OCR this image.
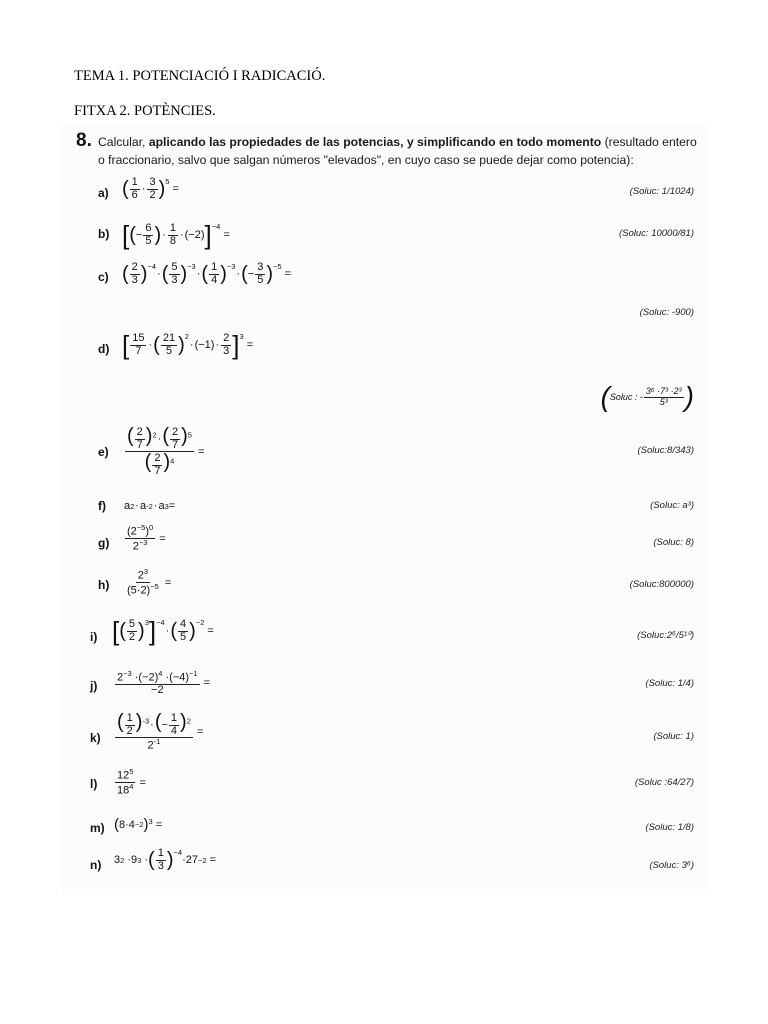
TEMA 1. POTENCIACIÓ I RADICACIÓ.
FITXA 2. POTÈNCIES.
8. Calcular, aplicando las propiedades de las potencias, y simplificando en todo momento (resultado entero o fraccionario, salvo que salgan números "elevados", en cuyo caso se puede dejar como potencia):
a) ( $\frac{1}{6} \cdot \frac{3}{2} )^5$
=	(Soluc: 1/1024)
b) [ ( − $\frac{6}{5}$ ) · $\frac{1}{8} \cdot (-2)$ ]$^{-4}$
=	(Soluc: 10000/81)
c) ( $\frac{2}{3} )^{-4}$
· ( $\frac{5}{3} )^{-3}$
· ( $\frac{1}{4} )^{-3}$
· ( − $\frac{3}{5} )^{-5}$
=
(Soluc: -900)
d) [ $\frac{15}{7}$ · ( $\frac{21}{5} )^2$
· $(-1) \cdot \frac{2}{3} ]^3$
=
( Soluc : - $\frac{\text{3⁶ ·7³ ·2³}}{\text{5³}}$ )
$e) \frac{( \frac{2}{7} )^2\cdot( \frac{2}{7} )^5}{( \frac{2}{7} )^4}$ =	(Soluc:8/343)
f) a 2 · a -2 · a 3 =	(Soluc: a³)
$g) \frac{(2^{-5})^0}{2^{-3}}$ =	(Soluc: 8)
$h) \frac{2^3}{(5\cdot 2)^{-5}}$ =	(Soluc:800000)
i) [ ( $\frac{5}{2} )^3$ ]$^{-4}$
· ( $\frac{4}{5} )^{-2}$
=	(Soluc:2⁶/5¹⁰)
$j) \frac{2^{-3} \cdot(-2)^4 \cdot(-4)^{-1}}{-2}$ =	(Soluc: 1/4)
$k) \frac{( \frac{1}{2} )^{-3}\cdot(- \frac{1}{4} )^2}{2^{-1}}$ =	(Soluc: 1)
$l) \frac{12^5}{18^4}$ =	(Soluc :64/27)
m) ( 8·4 −2 )$^3$ =	(Soluc: 1/8)
n) 3 2 ·9 3 · ( $\frac{1}{3} )^{-4}$
$\cdot 27_{-2}$ =	(Soluc: 3⁶)
